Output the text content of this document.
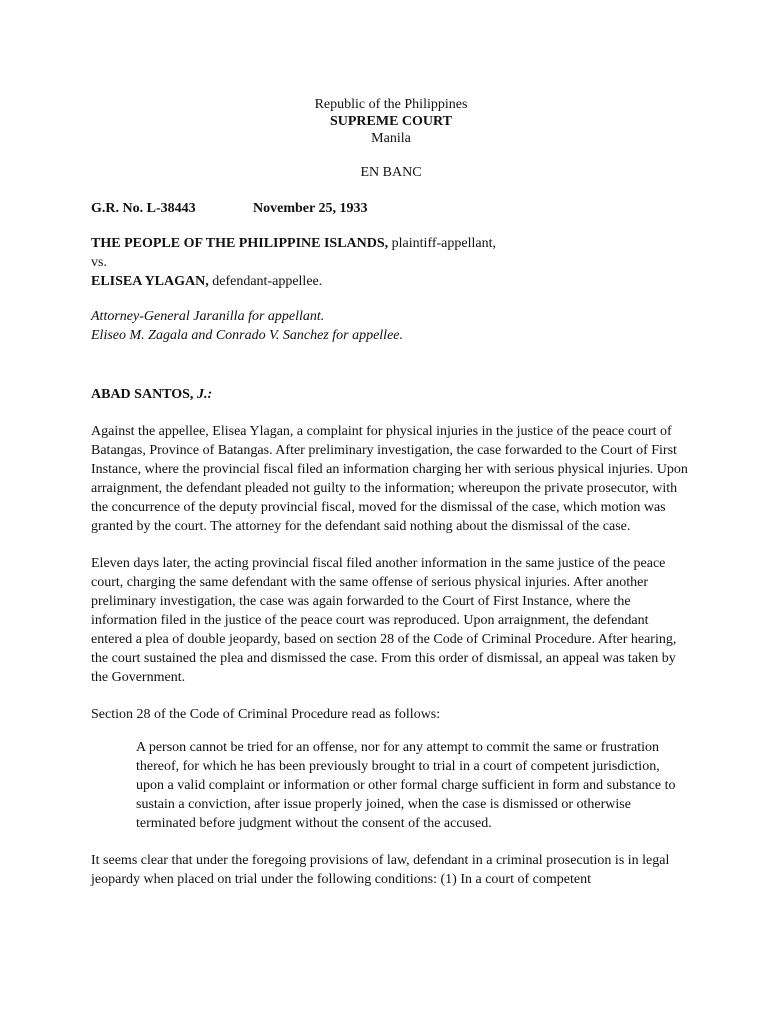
Republic of the Philippines
SUPREME COURT
Manila
EN BANC
G.R. No. L-38443	November 25, 1933

THE PEOPLE OF THE PHILIPPINE ISLANDS, plaintiff-appellant,

vs.

ELISEA YLAGAN, defendant-appellee.

Attorney-General Jaranilla for appellant.

Eliseo M. Zagala and Conrado V. Sanchez for appellee.

ABAD SANTOS, J.:

Against the appellee, Elisea Ylagan, a complaint for physical injuries in the justice of the peace court of Batangas, Province of Batangas. After preliminary investigation, the case forwarded to the Court of First Instance, where the provincial fiscal filed an information charging her with serious physical injuries. Upon arraignment, the defendant pleaded not guilty to the information; whereupon the private prosecutor, with the concurrence of the deputy provincial fiscal, moved for the dismissal of the case, which motion was granted by the court. The attorney for the defendant said nothing about the dismissal of the case.

Eleven days later, the acting provincial fiscal filed another information in the same justice of the peace court, charging the same defendant with the same offense of serious physical injuries. After another preliminary investigation, the case was again forwarded to the Court of First Instance, where the information filed in the justice of the peace court was reproduced. Upon arraignment, the defendant entered a plea of double jeopardy, based on section 28 of the Code of Criminal Procedure. After hearing, the court sustained the plea and dismissed the case. From this order of dismissal, an appeal was taken by the Government.

Section 28 of the Code of Criminal Procedure read as follows:

A person cannot be tried for an offense, nor for any attempt to commit the same or frustration thereof, for which he has been previously brought to trial in a court of competent jurisdiction, upon a valid complaint or information or other formal charge sufficient in form and substance to sustain a conviction, after issue properly joined, when the case is dismissed or otherwise terminated before judgment without the consent of the accused.

It seems clear that under the foregoing provisions of law, defendant in a criminal prosecution is in legal jeopardy when placed on trial under the following conditions: (1) In a court of competent
